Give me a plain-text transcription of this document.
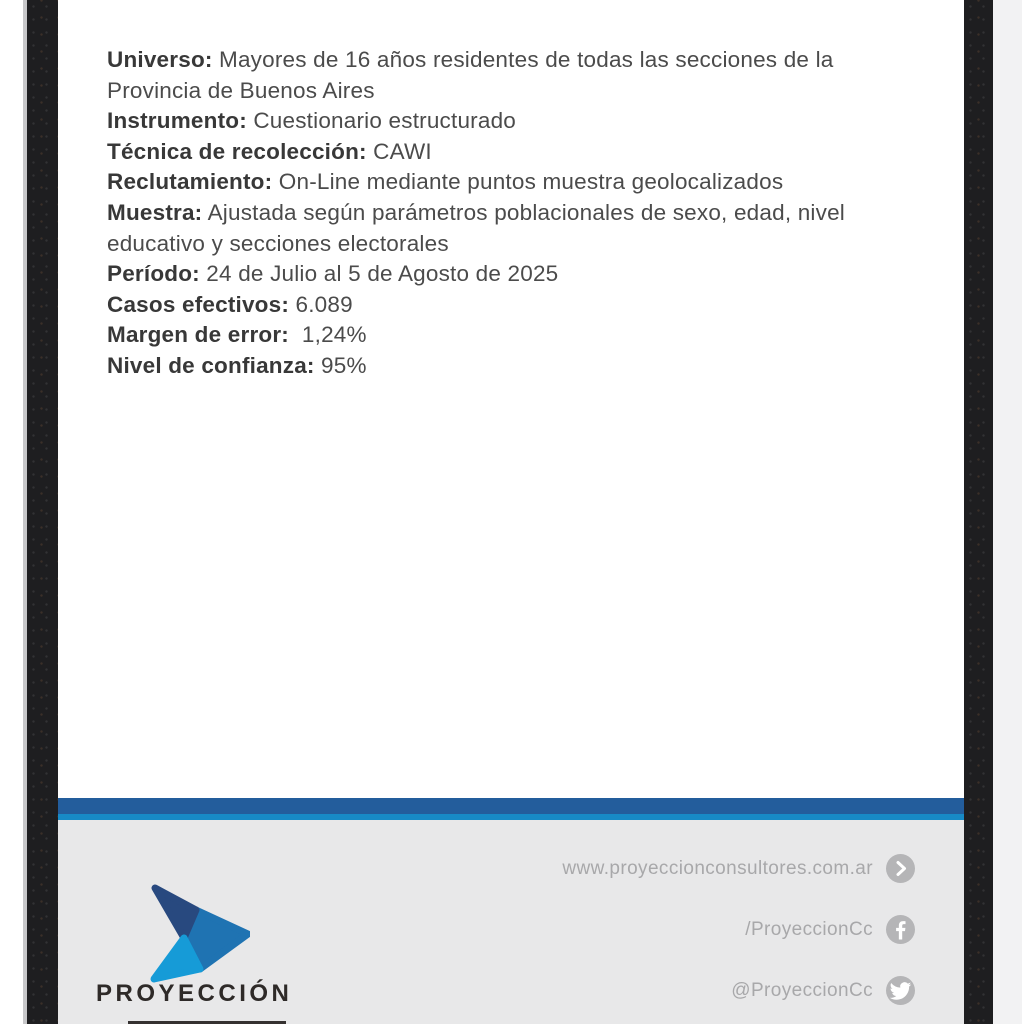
Universo: Mayores de 16 años residentes de todas las secciones de la Provincia de Buenos Aires

Instrumento: Cuestionario estructurado

Técnica de recolección: CAWI

Reclutamiento: On-Line mediante puntos muestra geolocalizados

Muestra: Ajustada según parámetros poblacionales de sexo, edad, nivel educativo y secciones electorales

Período: 24 de Julio al 5 de Agosto de 2025

Casos efectivos: 6.089

Margen de error:  1,24%

Nivel de confianza: 95%

PROYECCIÓN
www.proyeccionconsultores.com.ar
/ProyeccionCc
@ProyeccionCc
